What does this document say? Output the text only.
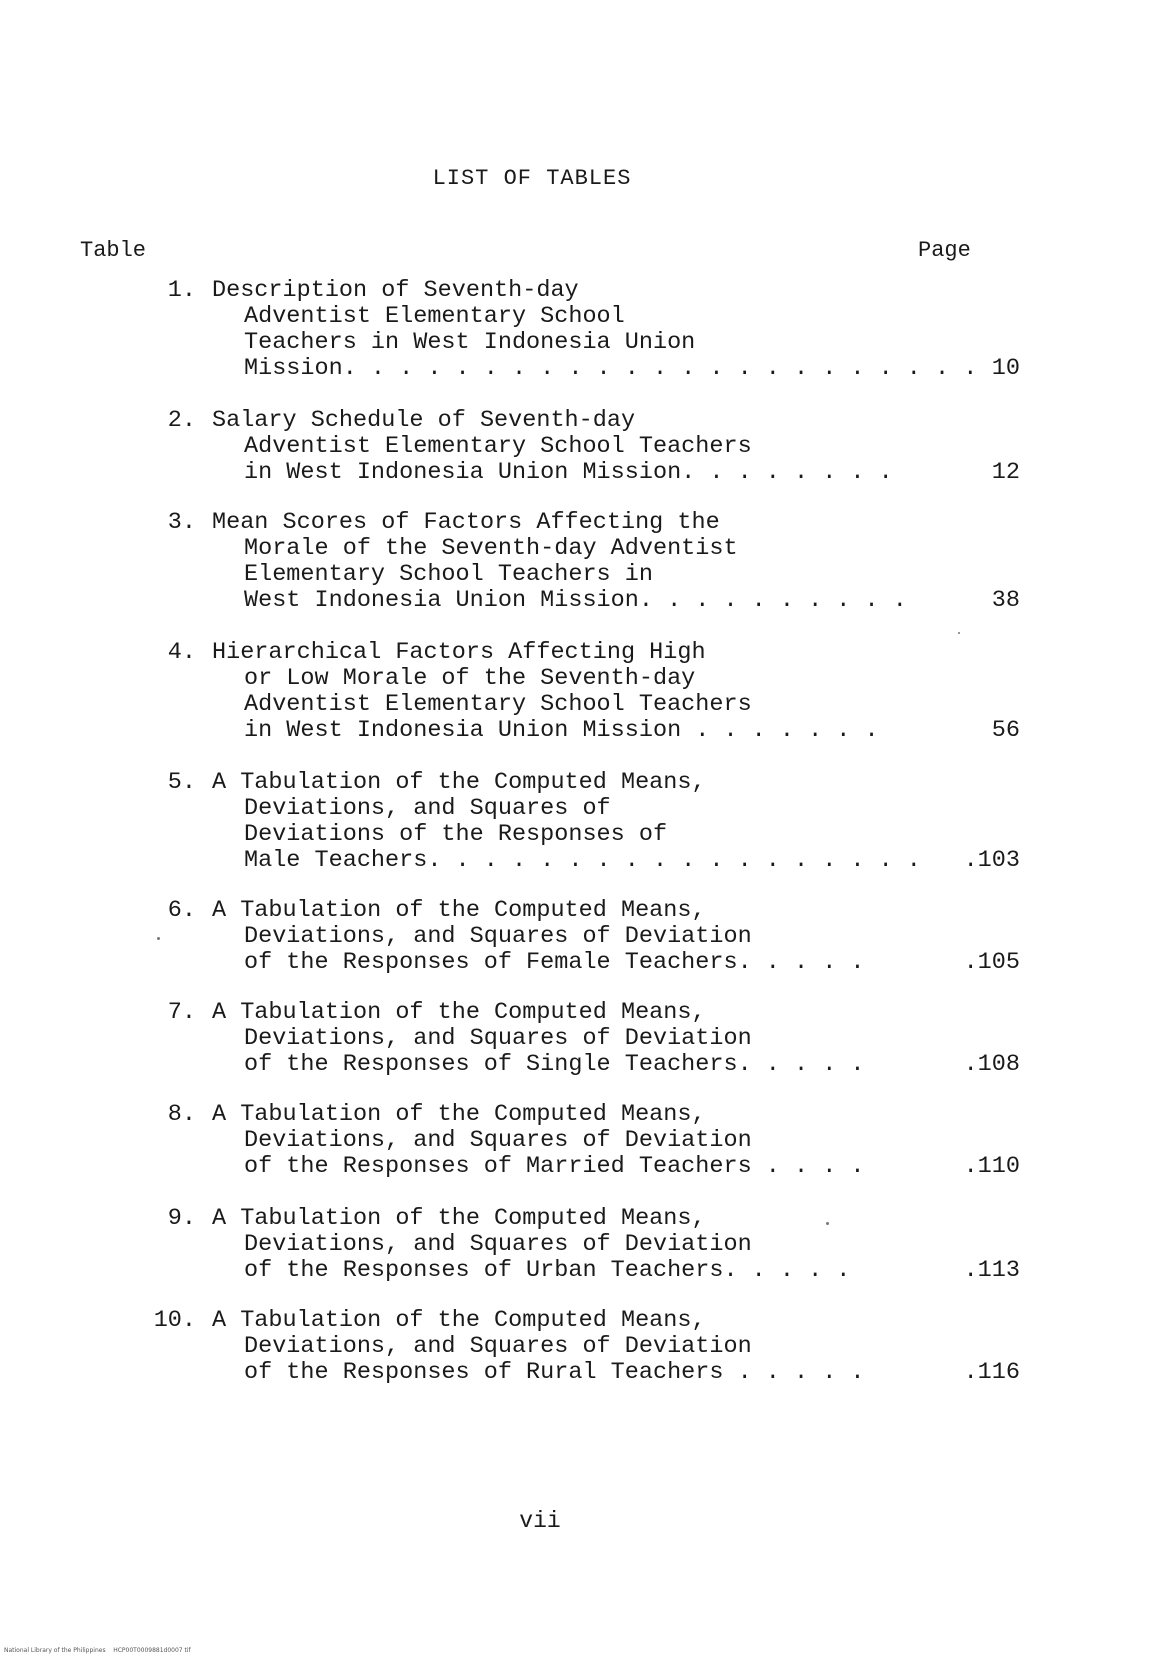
LIST OF TABLES
Table	Page
1. Description of Seventh-day
Adventist Elementary School
Teachers in West Indonesia Union
Mission. . . . . . . . . . . . . . . . . . . . . . . 10
2. Salary Schedule of Seventh-day
Adventist Elementary School Teachers
in West Indonesia Union Mission. . . . . . . .	12
3. Mean Scores of Factors Affecting the
Morale of the Seventh-day Adventist
Elementary School Teachers in
West Indonesia Union Mission. . . . . . . . . .	38
4. Hierarchical Factors Affecting High
or Low Morale of the Seventh-day
Adventist Elementary School Teachers
in West Indonesia Union Mission . . . . . . .	56
5. A Tabulation of the Computed Means,
Deviations, and Squares of
Deviations of the Responses of
Male Teachers. . . . . . . . . . . . . . . . . . .103
6. A Tabulation of the Computed Means,
Deviations, and Squares of Deviation
of the Responses of Female Teachers. . . . .	.105
7. A Tabulation of the Computed Means,
Deviations, and Squares of Deviation
of the Responses of Single Teachers. . . . .	.108
8. A Tabulation of the Computed Means,
Deviations, and Squares of Deviation
of the Responses of Married Teachers . . . .	.110
9. A Tabulation of the Computed Means,
Deviations, and Squares of Deviation
of the Responses of Urban Teachers. . . . .	.113
10. A Tabulation of the Computed Means,
Deviations, and Squares of Deviation
of the Responses of Rural Teachers . . . . .	.116
vii
National Library of the Philippines    HCP00T0009881d0007 tif
